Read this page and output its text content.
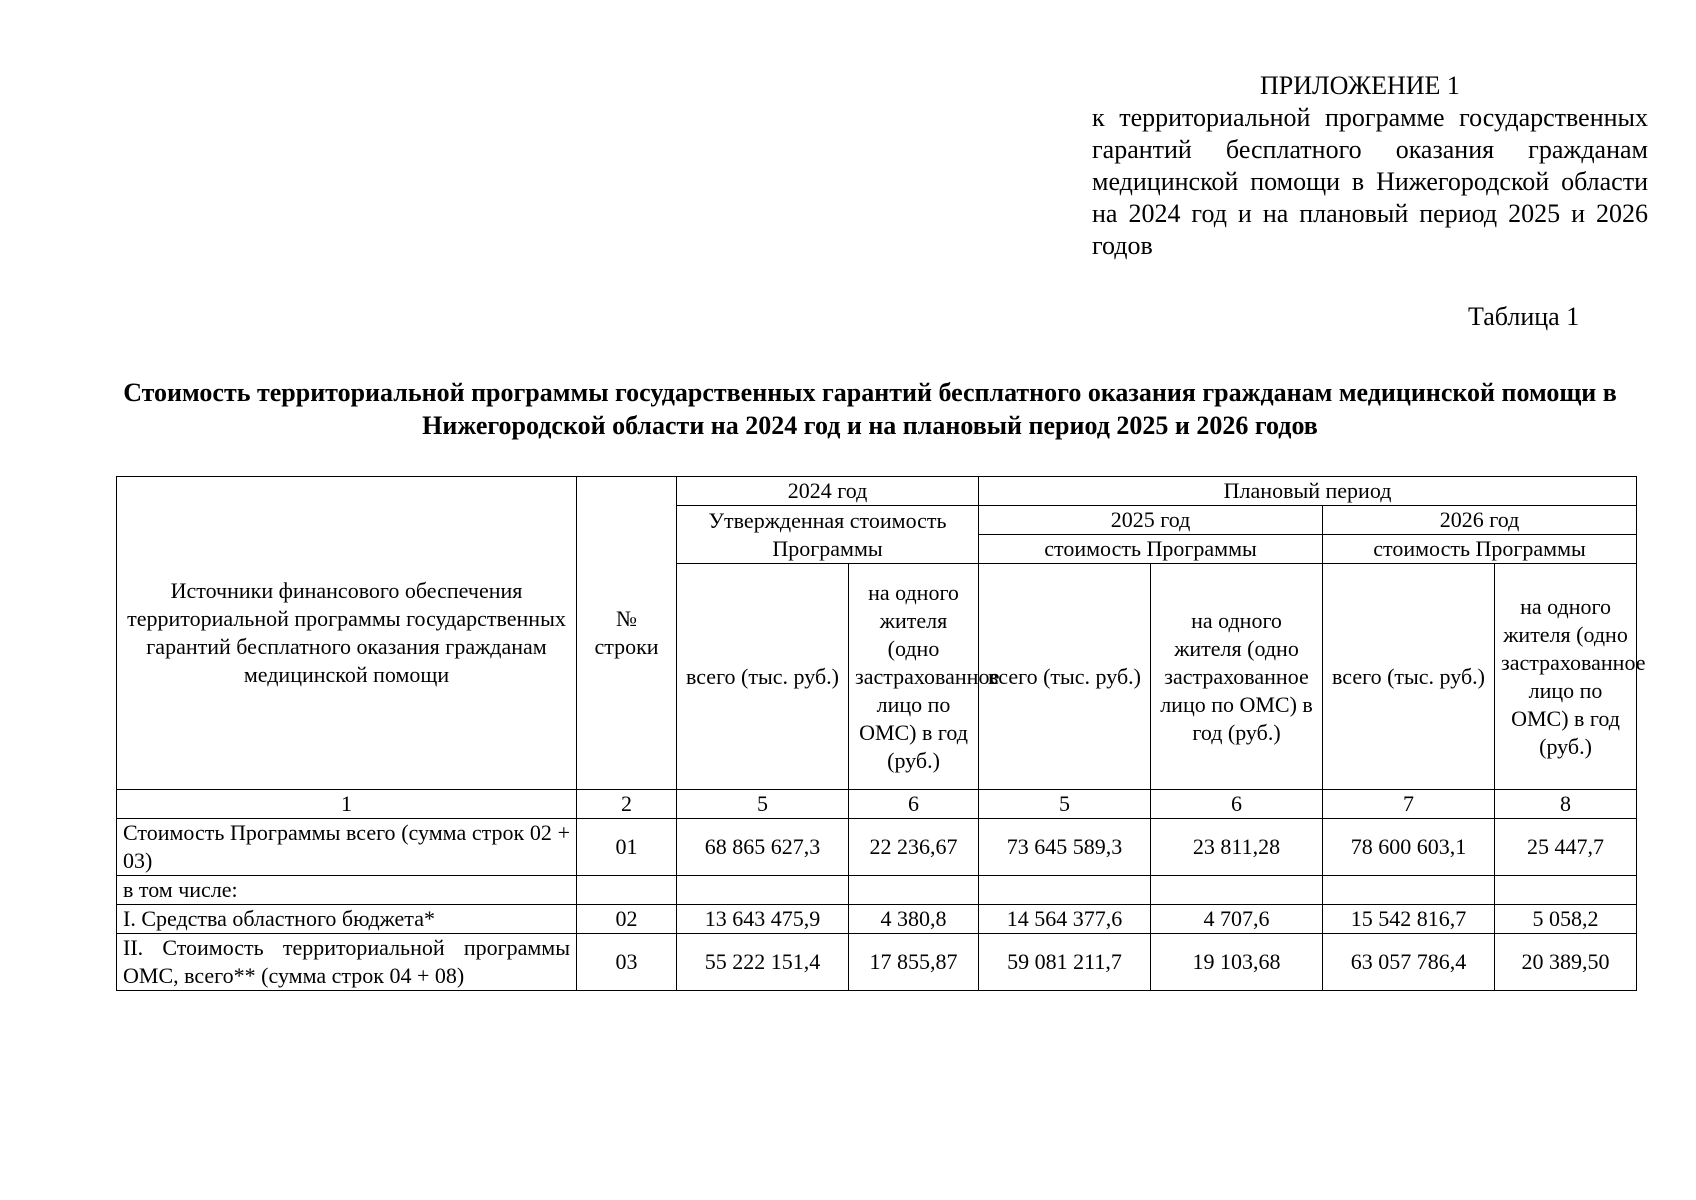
ПРИЛОЖЕНИЕ 1

к территориальной программе государственных гарантий бесплатного оказания гражданам медицинской помощи в Нижегородской области на 2024 год и на плановый период 2025 и 2026 годов

Таблица 1
Стоимость территориальной программы государственных гарантий бесплатного оказания гражданам медицинской помощи в Нижегородской области на 2024 год и на плановый период 2025 и 2026 годов
Источники финансового обеспечения территориальной программы государственных гарантий бесплатного оказания гражданам медицинской помощи	№ строки	2024 год		Плановый период			
		Утвержденная стоимость Программы		2025 год		2026 год	
				стоимость Программы		стоимость Программы	
		всего (тыс. руб.)	на одного жителя (одно застрахованное лицо по ОМС) в год (руб.)	всего (тыс. руб.)	на одного жителя (одно застрахованное лицо по ОМС) в год (руб.)	всего (тыс. руб.)	на одного жителя (одно застрахованное лицо по ОМС) в год (руб.)
1	2	5	6	5	6	7	8
Стоимость Программы всего (сумма строк 02 + 03)	01	68 865 627,3	22 236,67	73 645 589,3	23 811,28	78 600 603,1	25 447,7
в том числе:							
I. Средства областного бюджета*	02	13 643 475,9	4 380,8	14 564 377,6	4 707,6	15 542 816,7	5 058,2
II. Стоимость территориальной программы ОМС, всего** (сумма строк 04 + 08)	03	55 222 151,4	17 855,87	59 081 211,7	19 103,68	63 057 786,4	20 389,50
